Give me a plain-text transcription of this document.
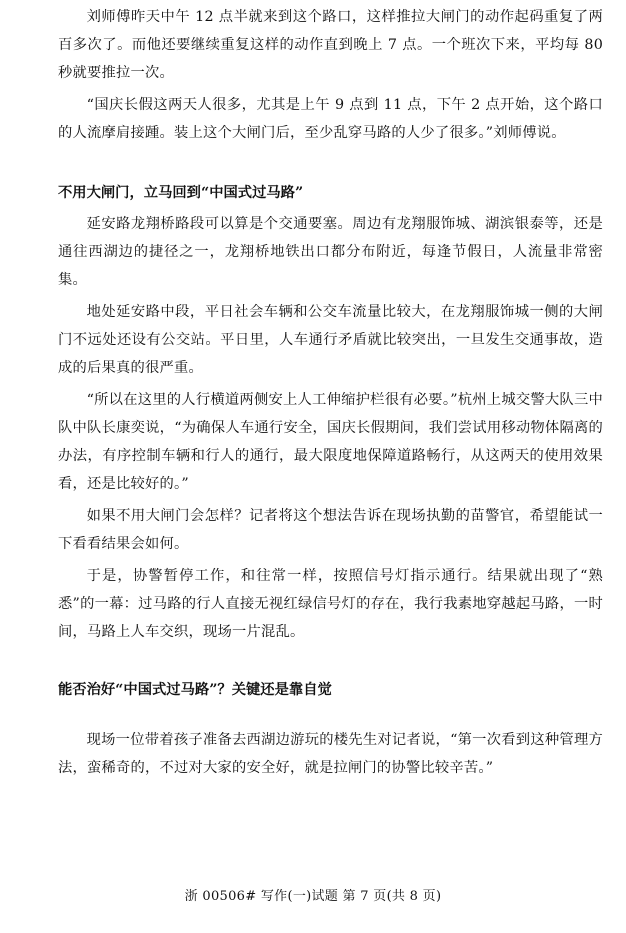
刘师傅昨天中午 12 点半就来到这个路口，这样推拉大闸门的动作起码重复了两百多次了。而他还要继续重复这样的动作直到晚上 7 点。一个班次下来，平均每 80 秒就要推拉一次。

“国庆长假这两天人很多，尤其是上午 9 点到 11 点，下午 2 点开始，这个路口的人流摩肩接踵。装上这个大闸门后，至少乱穿马路的人少了很多。”刘师傅说。

不用大闸门，立马回到“中国式过马路”

延安路龙翔桥路段可以算是个交通要塞。周边有龙翔服饰城、湖滨银泰等，还是通往西湖边的捷径之一，龙翔桥地铁出口都分布附近，每逢节假日，人流量非常密集。

地处延安路中段，平日社会车辆和公交车流量比较大，在龙翔服饰城一侧的大闸门不远处还设有公交站。平日里，人车通行矛盾就比较突出，一旦发生交通事故，造成的后果真的很严重。

“所以在这里的人行横道两侧安上人工伸缩护栏很有必要。”杭州上城交警大队三中队中队长康奕说，“为确保人车通行安全，国庆长假期间，我们尝试用移动物体隔离的办法，有序控制车辆和行人的通行，最大限度地保障道路畅行，从这两天的使用效果看，还是比较好的。”

如果不用大闸门会怎样？记者将这个想法告诉在现场执勤的苗警官，希望能试一下看看结果会如何。

于是，协警暂停工作，和往常一样，按照信号灯指示通行。结果就出现了“熟悉”的一幕：过马路的行人直接无视红绿信号灯的存在，我行我素地穿越起马路，一时间，马路上人车交织，现场一片混乱。

能否治好“中国式过马路”？关键还是靠自觉

现场一位带着孩子准备去西湖边游玩的楼先生对记者说，“第一次看到这种管理方法，蛮稀奇的，不过对大家的安全好，就是拉闸门的协警比较辛苦。”

浙 00506# 写作(一)试题 第 7 页(共 8 页)
